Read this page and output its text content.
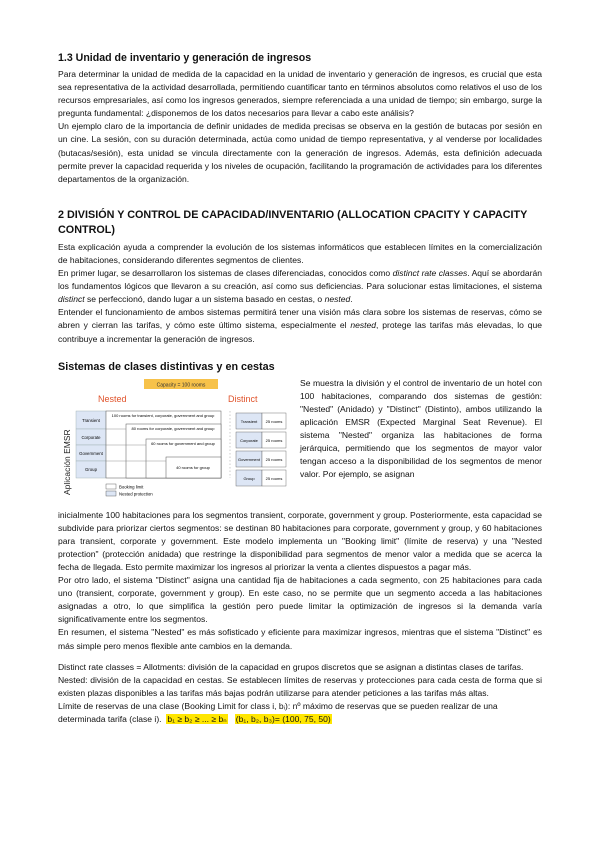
1.3 Unidad de inventario y generación de ingresos

Para determinar la unidad de medida de la capacidad en la unidad de inventario y generación de ingresos, es crucial que esta sea representativa de la actividad desarrollada, permitiendo cuantificar tanto en términos absolutos como relativos el uso de los recursos empresariales, así como los ingresos generados, siempre referenciada a una unidad de tiempo; sin embargo, surge la pregunta fundamental: ¿disponemos de los datos necesarios para llevar a cabo este análisis?

Un ejemplo claro de la importancia de definir unidades de medida precisas se observa en la gestión de butacas por sesión en un cine. La sesión, con su duración determinada, actúa como unidad de tiempo representativa, y al venderse por localidades (butacas/sesión), esta unidad se vincula directamente con la generación de ingresos. Además, esta definición adecuada permite prever la capacidad requerida y los niveles de ocupación, facilitando la programación de actividades para los diferentes departamentos de la organización.

2 DIVISIÓN Y CONTROL DE CAPACIDAD/INVENTARIO (ALLOCATION CPACITY Y CAPACITY CONTROL)

Esta explicación ayuda a comprender la evolución de los sistemas informáticos que establecen límites en la comercialización de habitaciones, considerando diferentes segmentos de clientes.

En primer lugar, se desarrollaron los sistemas de clases diferenciadas, conocidos como distinct rate classes. Aquí se abordarán los fundamentos lógicos que llevaron a su creación, así como sus deficiencias. Para solucionar estas limitaciones, el sistema distinct se perfeccionó, dando lugar a un sistema basado en cestas, o nested.

Entender el funcionamiento de ambos sistemas permitirá tener una visión más clara sobre los sistemas de reservas, cómo se abren y cierran las tarifas, y cómo este último sistema, especialmente el nested, protege las tarifas más elevadas, lo que contribuye a incrementar la generación de ingresos.

Sistemas de clases distintivas y en cestas
Capacity = 100 rooms
Nested	Distinct
Aplicación EMSR
Transient
Corporate
Government
Group
100 rooms for transient, corporate, government and group
80 rooms for corporate, government and group
60 rooms for government and group
40 rooms for group
Booking limit
Nested protection
Transient
Corporate
Government
Group
25 rooms
25 rooms
25 rooms
25 rooms

Se muestra la división y el control de inventario de un hotel con 100 habitaciones, comparando dos sistemas de gestión: "Nested" (Anidado) y "Distinct" (Distinto), ambos utilizando la aplicación EMSR (Expected Marginal Seat Revenue). El sistema "Nested" organiza las habitaciones de forma jerárquica, permitiendo que los segmentos de mayor valor tengan acceso a la disponibilidad de los segmentos de menor valor. Por ejemplo, se asignan

inicialmente 100 habitaciones para los segmentos transient, corporate, government y group. Posteriormente, esta capacidad se subdivide para priorizar ciertos segmentos: se destinan 80 habitaciones para corporate, government y group, y 60 habitaciones para transient, corporate y government. Este modelo implementa un "Booking limit" (límite de reserva) y una "Nested protection" (protección anidada) que restringe la disponibilidad para segmentos de menor valor a medida que se acerca la fecha de llegada. Esto permite maximizar los ingresos al priorizar la venta a clientes dispuestos a pagar más.

Por otro lado, el sistema "Distinct" asigna una cantidad fija de habitaciones a cada segmento, con 25 habitaciones para cada uno (transient, corporate, government y group). En este caso, no se permite que un segmento acceda a las habitaciones asignadas a otro, lo que simplifica la gestión pero puede limitar la optimización de ingresos si la demanda varía significativamente entre los segmentos.

En resumen, el sistema "Nested" es más sofisticado y eficiente para maximizar ingresos, mientras que el sistema "Distinct" es más simple pero menos flexible ante cambios en la demanda.

Distinct rate classes = Allotments: división de la capacidad en grupos discretos que se asignan a distintas clases de tarifas.

Nested: división de la capacidad en cestas. Se establecen límites de reservas y protecciones para cada cesta de forma que si existen plazas disponibles a las tarifas más bajas podrán utilizarse para atender peticiones a las tarifas más altas.

Límite de reservas de una clase (Booking Limit for class i, bᵢ): nº máximo de reservas que se pueden realizar de una determinada tarifa (clase i). b₁ ≥ b₂ ≥ ... ≥ bₙ (b₁, b₂, b₃)= (100, 75, 50)
